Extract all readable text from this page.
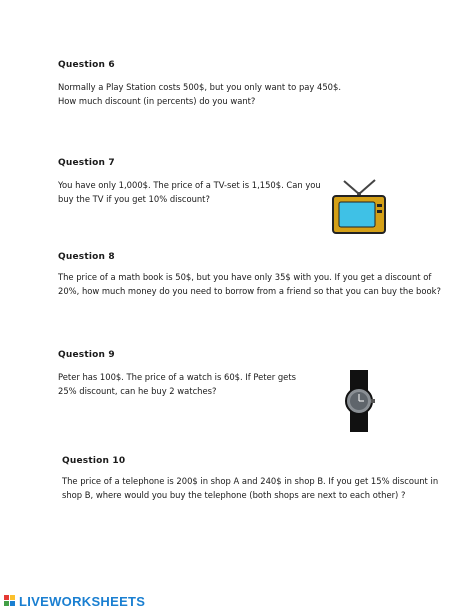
Question 6
Normally a Play Station costs 500$, but you only want to pay 450$.
How much discount (in percents) do you want?
Question 7
You have only 1,000$. The price of a TV-set is 1,150$. Can you
buy the TV if you get 10% discount?
Question 8
The price of a math book is 50$, but you have only 35$ with you. If you get a discount of
20%, how much money do you need to borrow from a friend so that you can buy the book?
Question 9
Peter has 100$. The price of a watch is 60$. If Peter gets
25% discount, can he buy 2 watches?
Question 10
The price of a telephone is 200$ in shop A and 240$ in shop B. If you get 15% discount in
shop B, where would you buy the telephone (both shops are next to each other) ?
LIVEWORKSHEETS
